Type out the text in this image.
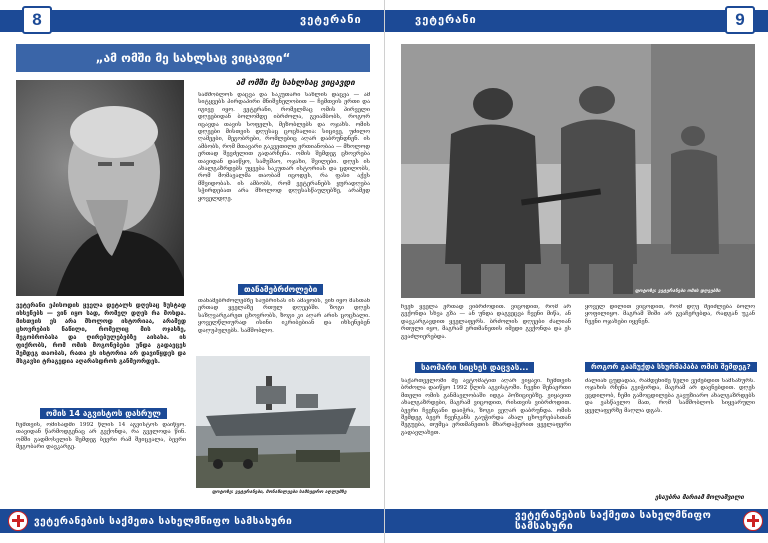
8	ვეტერანი
„ამ ომში მე სახლსაც ვიცავდი“
ამ ომში მე სახლსაც ვიცავდი
სამშობლოს დაცვა და საკუთარი სახლის დაცვა — ამ სიტყვებს პირდაპირი მნიშვნელობით — ჩემთვის ერთი და იგივე იყო. ვეტერანი, რომელმაც ომის პირველი დღეებიდან ბოლომდე იბრძოლა, გვიამბობს, როგორ იცავდა თავის სოფელს, მეზობლებს და ოჯახს. ომის დღეები მისთვის დღესაც ცოცხალია: სიცივე, უძილო ღამეები, მეგობრები, რომლებიც აღარ დაბრუნდნენ. ის ამბობს, რომ მთავარი გაკვეთილი ერთიანობაა — მხოლოდ ერთად შევძელით გადარჩენა. ომის შემდეგ ცხოვრება თავიდან დაიწყო, სამუშაო, ოჯახი, შვილები. დღეს ის ახალგაზრდებს უყვება საკუთარ ისტორიას და ცდილობს, რომ მომავალმა თაობამ იცოდეს, რა ფასი აქვს მშვიდობას. ის ამბობს, რომ ვეტერანებს ყურადღება სჭირდებათ არა მხოლოდ დღესასწაულებზე, არამედ ყოველდღე.
თანამებრძოლები
თანამებრძოლებზე საუბრისას ის ამაყობს, ვინ იყო მასთან ერთად ყველაზე რთულ დღეებში. ზოგი დღეს საზღვარგარეთ ცხოვრობს, ზოგი კი აღარ არის ცოცხალი. ყოველწლიურად ისინი იკრიბებიან და იხსენებენ დაღუპულებს. სამშობლო.
ვეტერანი ეპისოდის ყველა დეტალს დღესაც ზუსტად იხსენებს — ვინ იყო სად, რომელ დღეს რა მოხდა. მისთვის ეს არა მხოლოდ ისტორიაა, არამედ ცხოვრების ნაწილი, რომელიც მის ოჯახზე, მეგობრობასა და ღირებულებებზე აისახა. ის ფიქრობს, რომ ომის მოგონებები უნდა გადაეცეს შემდეგ თაობას, რათა ეს ისტორია არ დავიწყდეს და მსგავსი ტრაგედია აღარასდროს განმეორდეს.
ომის 14 აგვისტოს დასრულ
ჩემთვის, ომისადმი 1992 წლის 14 აგვისტოს დაიწყო. თავიდან წარმოდგენაც არ გვქონდა, რა გველოდა წინ. ომში გადმოსვლის შემდეგ ბევრი რამ შეიცვალა, ბევრი მეგობარი დავკარგე.
ფოტოზე: ვეტერანები, მონაწილეები სამხედრო აღლუმზე
ვეტერანების საქმეთა სახელმწიფო სამსახური
9
ვეტერანი
ფოტოზე: ვეტერანები ომის დღეებში
ჩვენ ყველა ერთად ვიბრძოდით. ვიცოდით, რომ არ გვქონდა სხვა გზა — ან უნდა დაგვეცვა ჩვენი მიწა, ან დავკარგავდით ყველაფერს. ბრძოლის დღეები ძალიან რთული იყო, მაგრამ ერთმანეთის იმედი გვქონდა და ეს გვაძლიერებდა.
ყოველ დილით ვიცოდით, რომ დღე შეიძლება ბოლო ყოფილიყო. მაგრამ შიში არ გვაჩერებდა, რადგან უკან ჩვენი ოჯახები იყვნენ.
საომარი სიცხეს დაცვას...
საქართველოში მე ავტომატით აღარ ვიყავი. ჩემთვის ბრძოლა დაიწყო 1992 წლის აგვისტოში. ჩვენი შენაერთი მთელი ომის განმავლობაში იდგა პოზიციებზე. ვიყავით ახალგაზრდები, მაგრამ ვიცოდით, რისთვის ვიბრძოდით. ბევრი ჩვენგანი დაიჭრა, ზოგი ვეღარ დაბრუნდა. ომის შემდეგ ბევრ ჩვენგანს გაუჭირდა ახალ ცხოვრებასთან შეგუება, თუმცა ერთმანეთის მხარდაჭერით ყველაფერი გადავლახეთ.
როგორ გააჩუქდა სხურმაპაბა ომის შემდეგ?
ძალიან ცუდადაა, რამდენიმე წელი ვეძებდით სამსახურს. ოჯახის რჩენა გვიჭირდა, მაგრამ არ დავნებდით. დღეს ვცდილობ, ჩემი გამოცდილება გავუზიარო ახალგაზრდებს და ვასწავლო მათ, რომ სამშობლოს სიყვარული ყველაფერზე მაღლა დგას.
ესაუბრა მარიამ მოლაშვილი
ვეტერანების საქმეთა სახელმწიფო სამსახური
